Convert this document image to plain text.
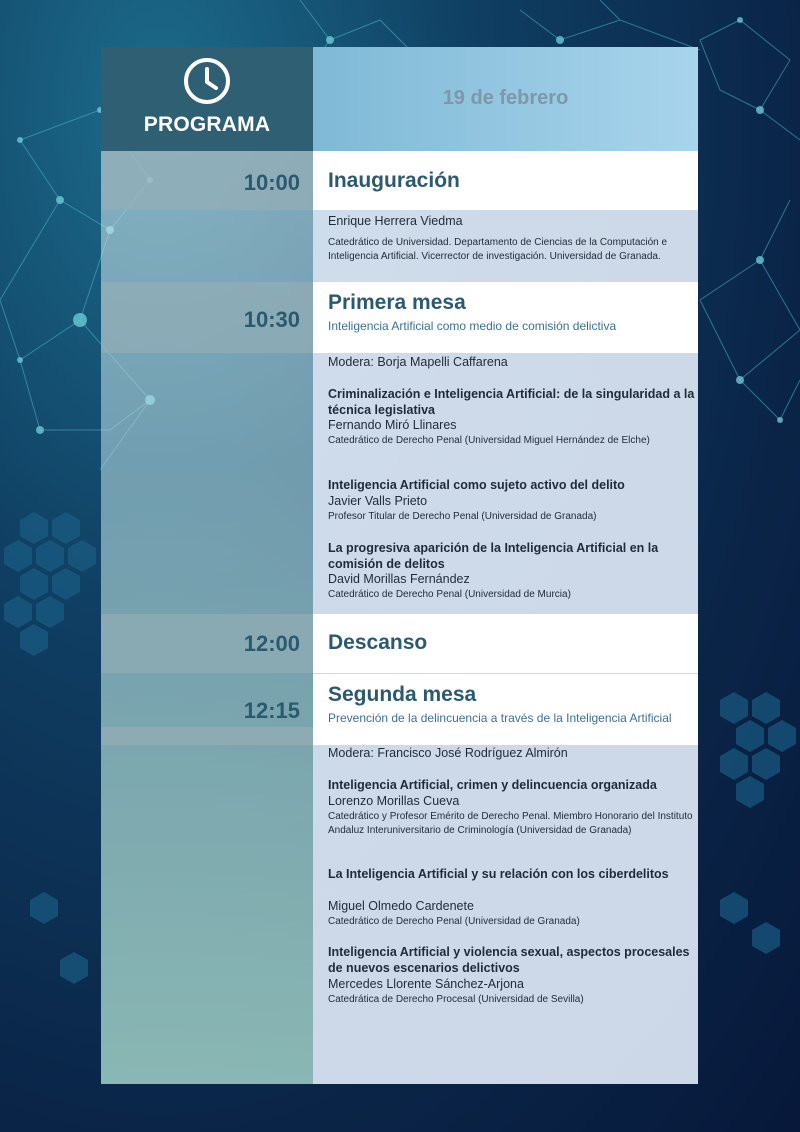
PROGRAMA
19 de febrero
10:00 Inauguración
Enrique Herrera Viedma
Catedrático de Universidad. Departamento de Ciencias de la Computación e Inteligencia Artificial. Vicerrector de investigación. Universidad de Granada.
10:30
Primera mesa
Inteligencia Artificial como medio de comisión delictiva
Modera: Borja Mapelli Caffarena
Criminalización e Inteligencia Artificial: de la singularidad a la técnica legislativa
Fernando Miró Llinares
Catedrático de Derecho Penal (Universidad Miguel Hernández de Elche)
Inteligencia Artificial como sujeto activo del delito
Javier Valls Prieto
Profesor Titular de Derecho Penal (Universidad de Granada)
La progresiva aparición de la Inteligencia Artificial en la comisión de delitos
David Morillas Fernández
Catedrático de Derecho Penal (Universidad de Murcia)
12:00 Descanso
12:15
Segunda mesa
Prevención de la delincuencia a través de la Inteligencia Artificial
Modera: Francisco José Rodríguez Almirón
Inteligencia Artificial, crimen y delincuencia organizada
Lorenzo Morillas Cueva
Catedrático y Profesor Emérito de Derecho Penal. Miembro Honorario del Instituto Andaluz Interuniversitario de Criminología (Universidad de Granada)
La Inteligencia Artificial y su relación con los ciberdelitos
Miguel Olmedo Cardenete
Catedrático de Derecho Penal (Universidad de Granada)
Inteligencia Artificial y violencia sexual, aspectos procesales de nuevos escenarios delictivos
Mercedes Llorente Sánchez-Arjona
Catedrática de Derecho Procesal (Universidad de Sevilla)
